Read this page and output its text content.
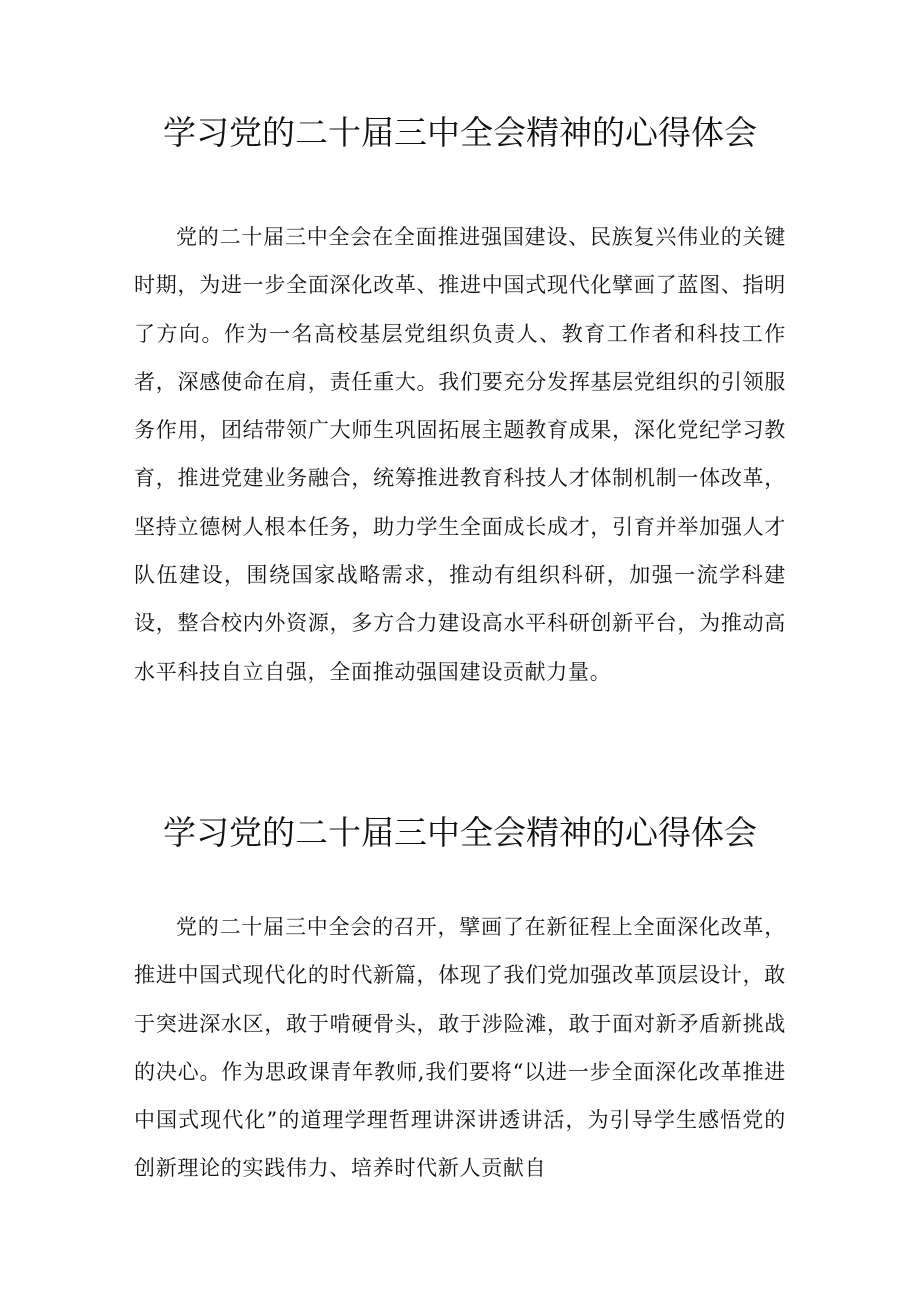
学习党的二十届三中全会精神的心得体会

党的二十届三中全会在全面推进强国建设、民族复兴伟业的关键时期，为进一步全面深化改革、推进中国式现代化擘画了蓝图、指明了方向。作为一名高校基层党组织负责人、教育工作者和科技工作者，深感使命在肩，责任重大。我们要充分发挥基层党组织的引领服务作用，团结带领广大师生巩固拓展主题教育成果，深化党纪学习教育，推进党建业务融合，统筹推进教育科技人才体制机制一体改革，坚持立德树人根本任务，助力学生全面成长成才，引育并举加强人才队伍建设，围绕国家战略需求，推动有组织科研，加强一流学科建设，整合校内外资源，多方合力建设高水平科研创新平台，为推动高水平科技自立自强，全面推动强国建设贡献力量。

学习党的二十届三中全会精神的心得体会

党的二十届三中全会的召开，擘画了在新征程上全面深化改革，推进中国式现代化的时代新篇，体现了我们党加强改革顶层设计，敢于突进深水区，敢于啃硬骨头，敢于涉险滩，敢于面对新矛盾新挑战的决心。作为思政课青年教师,我们要将“以进一步全面深化改革推进中国式现代化”的道理学理哲理讲深讲透讲活，为引导学生感悟党的创新理论的实践伟力、培养时代新人贡献自
